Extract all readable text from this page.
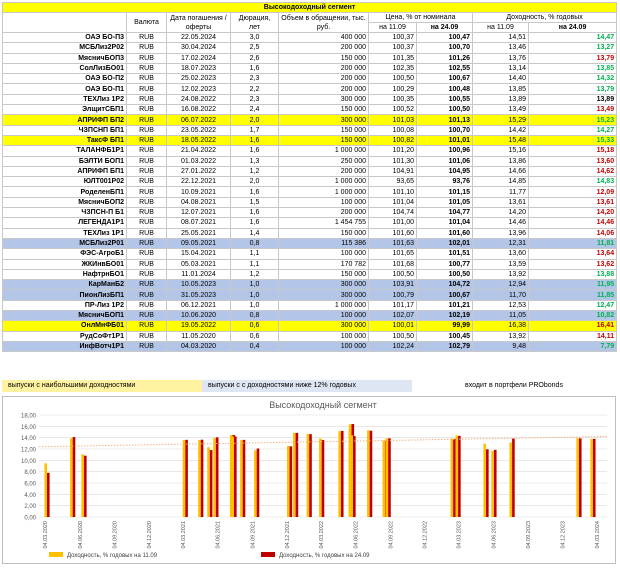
Высокодоходный сегмент								
	Валюта	Дата погашения / оферты	Дюрация, лет	Объем в обращении, тыс. руб.	Цена, % от номинала		Доходность, % годовых	
					на 11.09	на 24.09	на 11.09	на 24.09
ОАЭ БО-П3	RUB	22.05.2024	3,0	400 000	100,37	100,47	14,51	14,47
МСБЛиз2Р02	RUB	30.04.2024	2,5	200 000	100,37	100,70	13,46	13,27
МясничБОП3	RUB	17.02.2024	2,6	150 000	101,35	101,26	13,76	13,79
СолЛизБО01	RUB	18.07.2023	1,6	200 000	102,35	102,55	13,14	13,85
ОАЭ БО-П2	RUB	25.02.2023	2,3	200 000	100,50	100,67	14,40	14,32
ОАЭ БО-П1	RUB	12.02.2023	2,2	200 000	100,29	100,48	13,85	13,79
ТЕХЛиз 1Р2	RUB	24.08.2022	2,3	300 000	100,35	100,55	13,89	13,89
ЭлщитСБП1	RUB	16.08.2022	2,4	150 000	100,52	100,50	13,49	13,49
АПРИФП БП2	RUB	06.07.2022	2,0	300 000	101,03	101,13	15,29	15,23
ЧЗПСНП БП1	RUB	23.05.2022	1,7	150 000	100,08	100,70	14,42	14,27
ТаксФ БП1	RUB	18.05.2022	1,6	150 000	100,82	101,01	15,48	15,33
ТАЛАНФБ1Р1	RUB	21.04.2022	1,6	1 000 000	101,20	100,96	15,16	15,18
БЭЛТИ БОП1	RUB	01.03.2022	1,3	250 000	101,30	101,06	13,86	13,60
АПРИФП БП1	RUB	27.01.2022	1,2	200 000	104,91	104,95	14,66	14,62
ЮЛТ001Р02	RUB	22.12.2021	2,0	1 000 000	93,65	93,76	14,85	14,83
РоделенБП1	RUB	10.09.2021	1,6	1 000 000	101,10	101,15	11,77	12,09
МясничБОП2	RUB	04.08.2021	1,5	100 000	101,04	101,05	13,61	13,61
ЧЗПСН-П Б1	RUB	12.07.2021	1,6	200 000	104,74	104,77	14,20	14,20
ЛЕГЕНДА1Р1	RUB	08.07.2021	1,6	1 454 755	101,00	101,04	14,46	14,46
ТЕХЛиз 1Р1	RUB	25.05.2021	1,4	150 000	101,60	101,60	13,96	14,06
МСБЛиз2Р01	RUB	09.05.2021	0,8	115 386	101,63	102,01	12,31	11,81
ФЭС-АгроБ1	RUB	15.04.2021	1,1	100 000	101,65	101,51	13,60	13,64
ЖКИнвБО01	RUB	05.03.2021	1,1	170 782	101,68	100,77	13,59	13,62
НафтрнБО1	RUB	11.01.2024	1,2	150 000	100,50	100,50	13,92	13,88
КарМанБ2	RUB	10.05.2023	1,0	300 000	103,91	104,72	12,94	11,95
ПионЛизБП1	RUB	31.05.2023	1,0	300 000	100,79	100,67	11,70	11,85
ПР-Лиз 1Р2	RUB	06.12.2021	1,0	1 000 000	101,17	101,21	12,53	12,47
МясничБОП1	RUB	10.06.2020	0,8	100 000	102,07	102,19	11,05	10,82
ОнлМнФБ01	RUB	19.05.2022	0,6	300 000	100,01	99,99	16,38	16,41
РудСоФт1Р1	RUB	11.05.2020	0,6	100 000	100,50	100,45	13,92	14,11
ИнфВотч1Р1	RUB	04.03.2020	0,4	100 000	102,24	102,79	9,48	7,79
выпуски с наибольшими доходностями	выпуски с с доходностями ниже 12% годовых	входит в портфели PRObonds
Высокодоходный сегмент
0,00
2,00
4,00
6,00
8,00
10,00
12,00
14,00
16,00
18,00
04.03.2020	04.06.2020	04.09.2020	04.12.2020	04.03.2021	04.06.2021	04.09.2021	04.12.2021	04.03.2022	04.06.2022	04.09.2022	04.12.2022	04.03.2023	04.06.2023	04.09.2023	04.12.2023	04.03.2024
Доходность, % годовых на 11.09	Доходность, % годовых на 24.09
